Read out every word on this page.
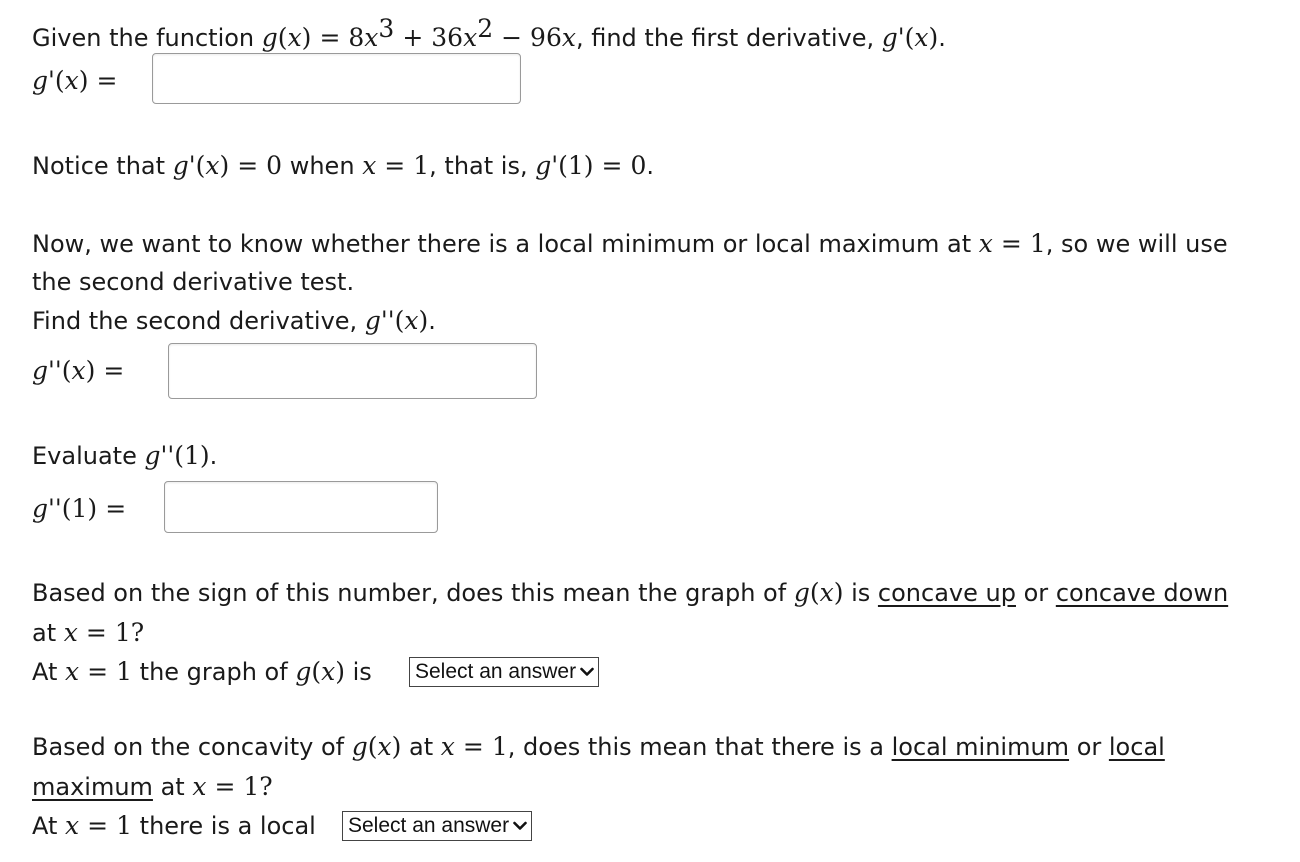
Given the function $g(x) = 8x^3 + 36x^2 - 96x$, find the first derivative, g'(x).
g'(x) =
Notice that g'(x) = 0 when x = 1, that is, g'(1) = 0.
Now, we want to know whether there is a local minimum or local maximum at x = 1, so we will use
the second derivative test.
Find the second derivative, g''(x).
g''(x) =
Evaluate g''(1).
g''(1) =
Based on the sign of this number, does this mean the graph of g(x) is concave up or concave down
at x = 1?
At x = 1 the graph of g(x) is Select an answer
Based on the concavity of g(x) at x = 1, does this mean that there is a local minimum or local
maximum at x = 1?
At x = 1 there is a local Select an answer
